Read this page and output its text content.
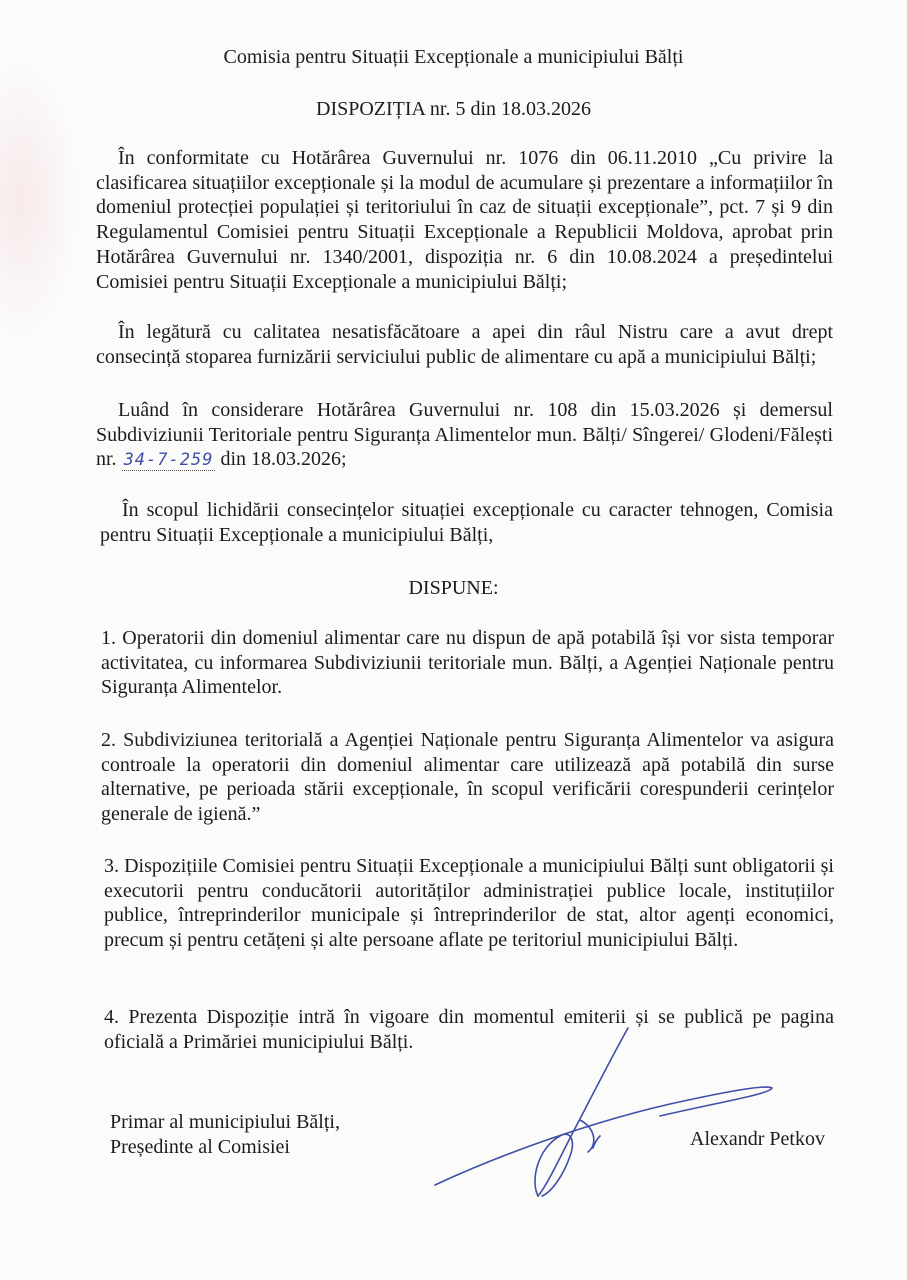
Comisia pentru Situații Excepționale a municipiului Bălți
DISPOZIȚIA nr. 5 din 18.03.2026

În conformitate cu Hotărârea Guvernului nr. 1076 din 06.11.2010 „Cu privire la clasificarea situațiilor excepționale și la modul de acumulare și prezentare a informațiilor în domeniul protecției populației și teritoriului în caz de situații excepționale”, pct. 7 și 9 din Regulamentul Comisiei pentru Situații Excepționale a Republicii Moldova, aprobat prin Hotărârea Guvernului nr. 1340/2001, dispoziția nr. 6 din 10.08.2024 a președintelui Comisiei pentru Situații Excepționale a municipiului Bălți;

În legătură cu calitatea nesatisfăcătoare a apei din râul Nistru care a avut drept consecință stoparea furnizării serviciului public de alimentare cu apă a municipiului Bălți;

Luând în considerare Hotărârea Guvernului nr. 108 din 15.03.2026 și demersul Subdiviziunii Teritoriale pentru Siguranța Alimentelor mun. Bălți/ Sîngerei/ Glodeni/Fălești nr. 34-7-259 din 18.03.2026;

În scopul lichidării consecințelor situației excepționale cu caracter tehnogen, Comisia pentru Situații Excepționale a municipiului Bălți,

DISPUNE:

1. Operatorii din domeniul alimentar care nu dispun de apă potabilă își vor sista temporar activitatea, cu informarea Subdiviziunii teritoriale mun. Bălți, a Agenției Naționale pentru Siguranța Alimentelor.

2. Subdiviziunea teritorială a Agenției Naționale pentru Siguranța Alimentelor va asigura controale la operatorii din domeniul alimentar care utilizează apă potabilă din surse alternative, pe perioada stării excepționale, în scopul verificării corespunderii cerințelor generale de igienă.”

3. Dispozițiile Comisiei pentru Situații Excepționale a municipiului Bălți sunt obligatorii și executorii pentru conducătorii autorităților administrației publice locale, instituțiilor publice, întreprinderilor municipale și întreprinderilor de stat, altor agenți economici, precum și pentru cetățeni și alte persoane aflate pe teritoriul municipiului Bălți.

4. Prezenta Dispoziție intră în vigoare din momentul emiterii și se publică pe pagina oficială a Primăriei municipiului Bălți.

Primar al municipiului Bălți,
Președinte al Comisiei	Alexandr Petkov
